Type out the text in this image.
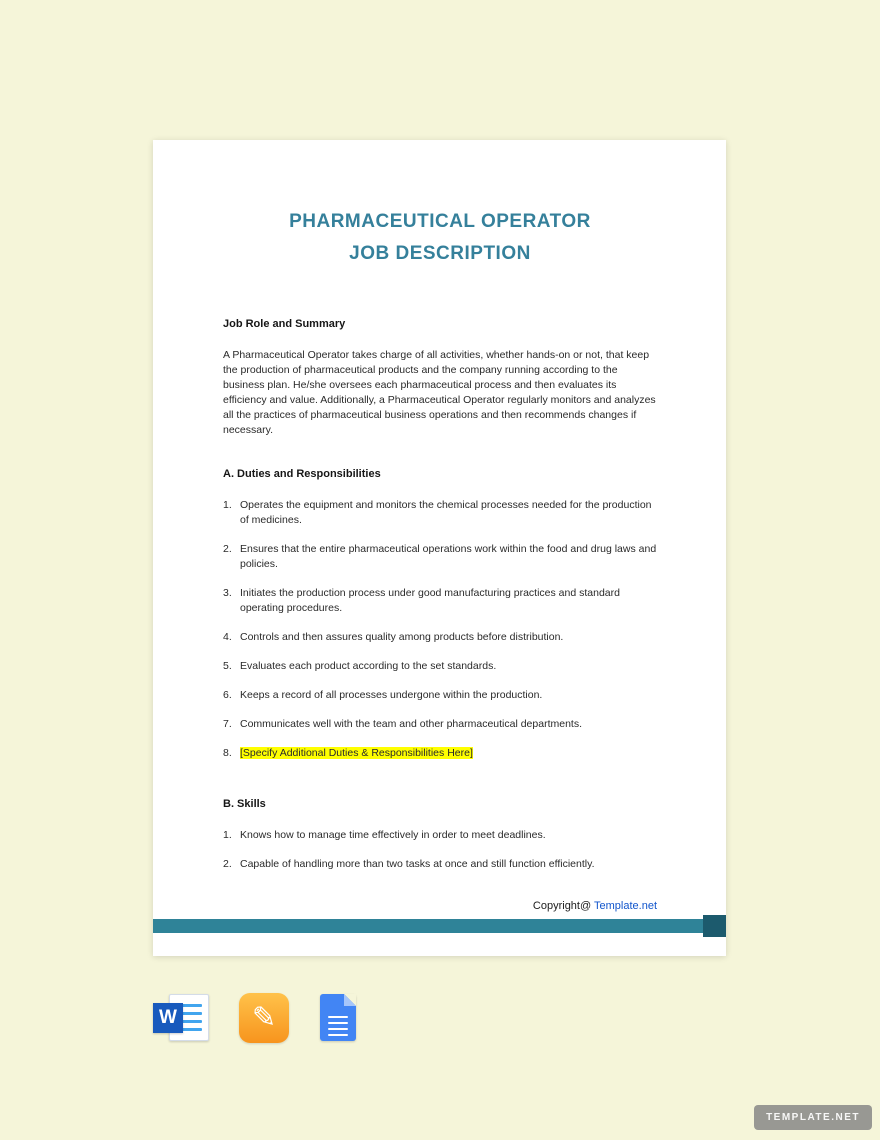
PHARMACEUTICAL OPERATOR
JOB DESCRIPTION
Job Role and Summary

A Pharmaceutical Operator takes charge of all activities, whether hands-on or not, that keep the production of pharmaceutical products and the company running according to the business plan. He/she oversees each pharmaceutical process and then evaluates its efficiency and value. Additionally, a Pharmaceutical Operator regularly monitors and analyzes all the practices of pharmaceutical business operations and then recommends changes if necessary.

A. Duties and Responsibilities
1. Operates the equipment and monitors the chemical processes needed for the production of medicines.
2. Ensures that the entire pharmaceutical operations work within the food and drug laws and policies.
3. Initiates the production process under good manufacturing practices and standard operating procedures.
4. Controls and then assures quality among products before distribution.
5. Evaluates each product according to the set standards.
6. Keeps a record of all processes undergone within the production.
7. Communicates well with the team and other pharmaceutical departments.
8. [Specify Additional Duties & Responsibilities Here]
B. Skills
1. Knows how to manage time effectively in order to meet deadlines.
2. Capable of handling more than two tasks at once and still function efficiently.
Copyright@ Template.net
W	✎
TEMPLATE.NET
